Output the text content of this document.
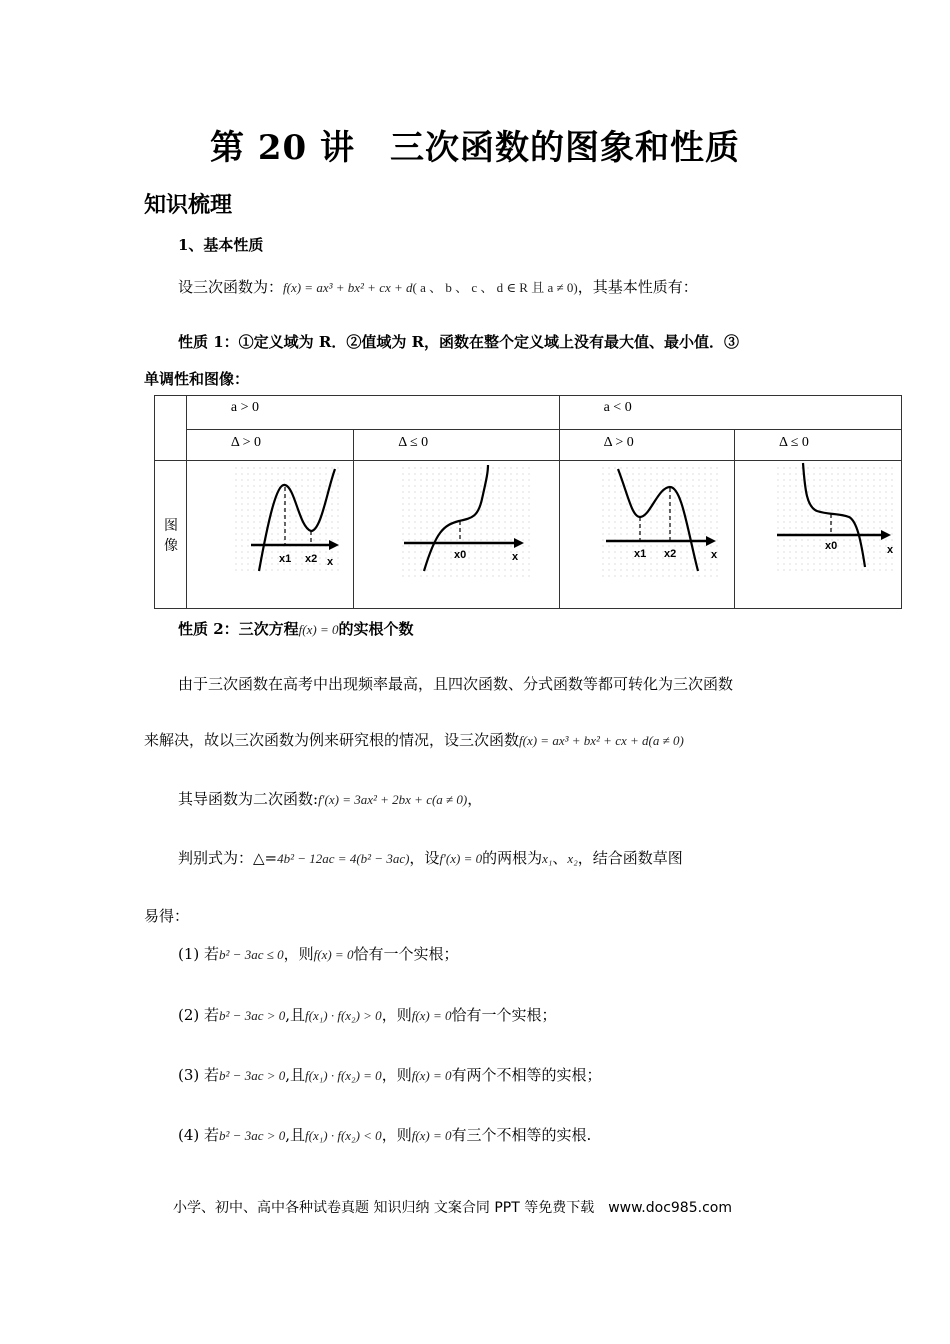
第 20 讲　三次函数的图象和性质
知识梳理
1、基本性质
设三次函数为：f(x) = ax³ + bx² + cx + d( a 、 b 、 c 、 d ∈ R 且 a ≠ 0)，其基本性质有：
性质 1：①定义域为 R．②值域为 R，函数在整个定义域上没有最大值、最小值．③
单调性和图像：
	a > 0		a < 0	
	Δ > 0	Δ ≤ 0	Δ > 0	Δ ≤ 0
图像	x1 x2 x	x0 x	x1 x2 x	x0 x
性质 2：三次方程f(x) = 0的实根个数
由于三次函数在高考中出现频率最高，且四次函数、分式函数等都可转化为三次函数
来解决，故以三次函数为例来研究根的情况，设三次函数f(x) = ax³ + bx² + cx + d(a ≠ 0)
其导函数为二次函数:f′(x) = 3ax² + 2bx + c(a ≠ 0)，
判别式为：△=4b² − 12ac = 4(b² − 3ac)，设f′(x) = 0的两根为x₁、x₂，结合函数草图
易得：
(1) 若b² − 3ac ≤ 0，则f(x) = 0恰有一个实根；
(2) 若b² − 3ac > 0,且f(x₁) · f(x₂) > 0，则f(x) = 0恰有一个实根；
(3) 若b² − 3ac > 0,且f(x₁) · f(x₂) = 0，则f(x) = 0有两个不相等的实根；
(4) 若b² − 3ac > 0,且f(x₁) · f(x₂) < 0，则f(x) = 0有三个不相等的实根.
小学、初中、高中各种试卷真题 知识归纳 文案合同 PPT 等免费下载　www.doc985.com
